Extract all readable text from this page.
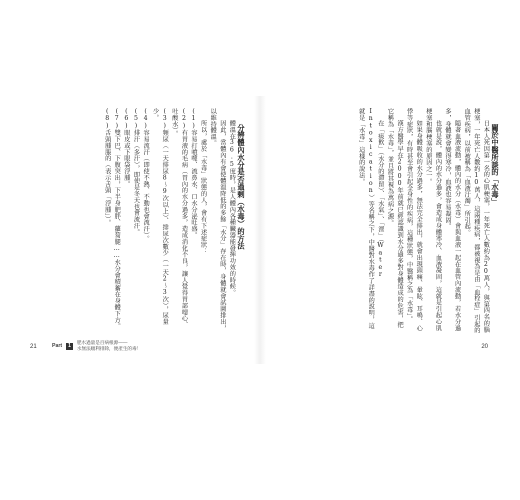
分辨體內水分是否過剩（水毒）的方法

體溫在36.5度時，是人體內各種臟器能發揮功效的時候。

因此，當體內有會使體溫降低的多餘「水分」存在時，身體就會試圖排出，以維持體溫。

所以，處於「水毒」狀態的人，會有下述症狀：

(1)容易打噴嚏、流鼻水、口水分泌旺盛。

(2)有胃液的毛病（胃內的水分過多，造成消化不良，讓人覺得胃部噁心、吐酸水）。

(3)頻尿（一天排尿8～9次以上）、排尿次數少（一天2～3次），尿量少。

(4)容易流汗（即使不熱、不動也會流汗）。

(5)排汗（多汗），即使是冬天也會流汗。

(6)眼皮或下眼袋浮腫。

(7)雙下巴、下腹突出，下半身肥胖、蘿蔔腿……水分會積蓄在身體下方。

(8)舌頭腫脹的（表示舌頭「浮腫」）。

21	Part	1	肥水過量是百病根源——
水無法順利排除，便產生的毒！

關於中醫所談的「水毒」

日本人死因第一名的心肌梗塞，一年死亡人數約為20萬人，與第四名的腦梗塞，一年死亡人數約10萬人，這兩種疾病，都被視為是由「血栓症」引起的血管疾病，以前被稱為「血液汙濁」所引起。

隨著血液流動，體內的水分（水毒）會與血液一起在血管內流動，若水分過多，身體就會變得寒冷，血液也容易凝固。

也就是說，體內的水分過多，會造成身體寒冷、血液凝固，這就是引起心肌梗塞和腦梗塞的原因之一。

如果身體吸收的水分過多，無法完全排出，就會出現頭痛、暈眩、耳鳴、心悸等症狀，有時甚至會引起全身性的疾病，這種狀態，中醫稱之為「水毒」。

漢方醫學早在2000年前就已經認識到水分過多對身體造成的危害，把它稱為「水毒」，並且將其視為萬病之源。

在「痰飲」（水分的滯留）、「水氣」、「溼」（Water Intoxication）等名稱之下，中醫對水毒作了詳盡的說明，這就是「水毒」這樣的說法。

20
